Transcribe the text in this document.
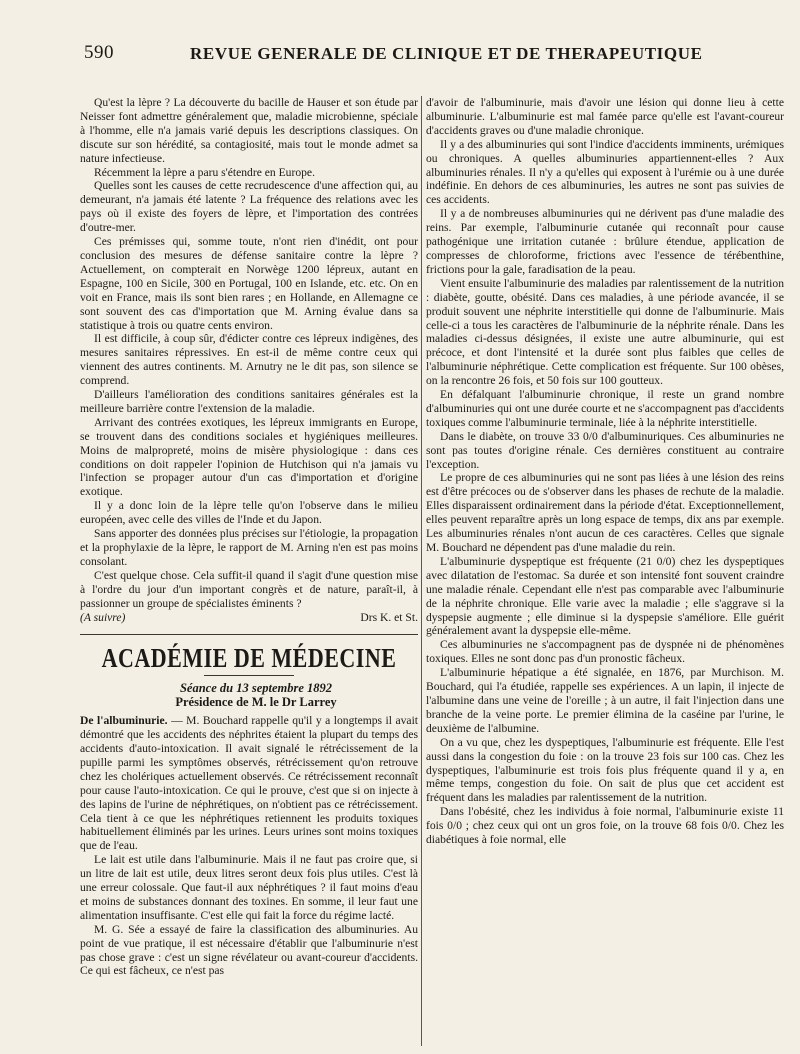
590	REVUE GENERALE DE CLINIQUE ET DE THERAPEUTIQUE

Qu'est la lèpre ? La découverte du bacille de Hauser et son étude par Neisser font admettre généralement que, maladie microbienne, spéciale à l'homme, elle n'a jamais varié depuis les descriptions classiques. On discute sur son hérédité, sa contagiosité, mais tout le monde admet sa nature infectieuse.

Récemment la lèpre a paru s'étendre en Europe.

Quelles sont les causes de cette recrudescence d'une affection qui, au demeurant, n'a jamais été latente ? La fréquence des relations avec les pays où il existe des foyers de lèpre, et l'importation des contrées d'outre-mer.

Ces prémisses qui, somme toute, n'ont rien d'inédit, ont pour conclusion des mesures de défense sanitaire contre la lèpre ? Actuellement, on compterait en Norwège 1200 lépreux, autant en Espagne, 100 en Sicile, 300 en Portugal, 100 en Islande, etc. etc. On en voit en France, mais ils sont bien rares ; en Hollande, en Allemagne ce sont souvent des cas d'importation que M. Arning évalue dans sa statistique à trois ou quatre cents environ.

Il est difficile, à coup sûr, d'édicter contre ces lépreux indigènes, des mesures sanitaires répressives. En est-il de même contre ceux qui viennent des autres continents. M. Arnutry ne le dit pas, son silence se comprend.

D'ailleurs l'amélioration des conditions sanitaires générales est la meilleure barrière contre l'extension de la maladie.

Arrivant des contrées exotiques, les lépreux immigrants en Europe, se trouvent dans des conditions sociales et hygiéniques meilleures. Moins de malpropreté, moins de misère physiologique : dans ces conditions on doit rappeler l'opinion de Hutchison qui n'a jamais vu l'infection se propager autour d'un cas d'importation et d'origine exotique.

Il y a donc loin de la lèpre telle qu'on l'observe dans le milieu européen, avec celle des villes de l'Inde et du Japon.

Sans apporter des données plus précises sur l'étiologie, la propagation et la prophylaxie de la lèpre, le rapport de M. Arning n'en est pas moins consolant.

C'est quelque chose. Cela suffit-il quand il s'agit d'une question mise à l'ordre du jour d'un important congrès et de nature, paraît-il, à passionner un groupe de spécialistes éminents ?

(A suivre)	Drs K. et St.
ACADÉMIE DE MÉDECINE

Séance du 13 septembre 1892

Présidence de M. le Dr Larrey

De l'albuminurie. — M. Bouchard rappelle qu'il y a longtemps il avait démontré que les accidents des néphrites étaient la plupart du temps des accidents d'auto-intoxication. Il avait signalé le rétrécissement de la pupille parmi les symptômes observés, rétrécissement qu'on retrouve chez les cholériques actuellement observés. Ce rétrécissement reconnaît pour cause l'auto-intoxication. Ce qui le prouve, c'est que si on injecte à des lapins de l'urine de néphrétiques, on n'obtient pas ce rétrécissement. Cela tient à ce que les néphrétiques retiennent les produits toxiques habituellement éliminés par les urines. Leurs urines sont moins toxiques que de l'eau.

Le lait est utile dans l'albuminurie. Mais il ne faut pas croire que, si un litre de lait est utile, deux litres seront deux fois plus utiles. C'est là une erreur colossale. Que faut-il aux néphrétiques ? il faut moins d'eau et moins de substances donnant des toxines. En somme, il leur faut une alimentation insuffisante. C'est elle qui fait la force du régime lacté.

M. G. Sée a essayé de faire la classification des albuminuries. Au point de vue pratique, il est nécessaire d'établir que l'albuminurie n'est pas chose grave : c'est un signe révélateur ou avant-coureur d'accidents. Ce qui est fâcheux, ce n'est pas

d'avoir de l'albuminurie, mais d'avoir une lésion qui donne lieu à cette albuminurie. L'albuminurie est mal famée parce qu'elle est l'avant-coureur d'accidents graves ou d'une maladie chronique.

Il y a des albuminuries qui sont l'indice d'accidents imminents, urémiques ou chroniques. A quelles albuminuries appartiennent-elles ? Aux albuminuries rénales. Il n'y a qu'elles qui exposent à l'urémie ou à une durée indéfinie. En dehors de ces albuminuries, les autres ne sont pas suivies de ces accidents.

Il y a de nombreuses albuminuries qui ne dérivent pas d'une maladie des reins. Par exemple, l'albuminurie cutanée qui reconnaît pour cause pathogénique une irritation cutanée : brûlure étendue, application de compresses de chloroforme, frictions avec l'essence de térébenthine, frictions pour la gale, faradisation de la peau.

Vient ensuite l'albuminurie des maladies par ralentissement de la nutrition : diabète, goutte, obésité. Dans ces maladies, à une période avancée, il se produit souvent une néphrite interstitielle qui donne de l'albuminurie. Mais celle-ci a tous les caractères de l'albuminurie de la néphrite rénale. Dans les maladies ci-dessus désignées, il existe une autre albuminurie, qui est précoce, et dont l'intensité et la durée sont plus faibles que celles de l'albuminurie néphrétique. Cette complication est fréquente. Sur 100 obèses, on la rencontre 26 fois, et 50 fois sur 100 goutteux.

En défalquant l'albuminurie chronique, il reste un grand nombre d'albuminuries qui ont une durée courte et ne s'accompagnent pas d'accidents toxiques comme l'albuminurie terminale, liée à la néphrite interstitielle.

Dans le diabète, on trouve 33 0/0 d'albuminuriques. Ces albuminuries ne sont pas toutes d'origine rénale. Ces dernières constituent au contraire l'exception.

Le propre de ces albuminuries qui ne sont pas liées à une lésion des reins est d'être précoces ou de s'observer dans les phases de rechute de la maladie. Elles disparaissent ordinairement dans la période d'état. Exceptionnellement, elles peuvent reparaître après un long espace de temps, dix ans par exemple. Les albuminuries rénales n'ont aucun de ces caractères. Celles que signale M. Bouchard ne dépendent pas d'une maladie du rein.

L'albuminurie dyspeptique est fréquente (21 0/0) chez les dyspeptiques avec dilatation de l'estomac. Sa durée et son intensité font souvent craindre une maladie rénale. Cependant elle n'est pas comparable avec l'albuminurie de la néphrite chronique. Elle varie avec la maladie ; elle s'aggrave si la dyspepsie augmente ; elle diminue si la dyspepsie s'améliore. Elle guérit généralement avant la dyspepsie elle-même.

Ces albuminuries ne s'accompagnent pas de dyspnée ni de phénomènes toxiques. Elles ne sont donc pas d'un pronostic fâcheux.

L'albuminurie hépatique a été signalée, en 1876, par Murchison. M. Bouchard, qui l'a étudiée, rappelle ses expériences. A un lapin, il injecte de l'albumine dans une veine de l'oreille ; à un autre, il fait l'injection dans une branche de la veine porte. Le premier élimina de la caséine par l'urine, le deuxième de l'albumine.

On a vu que, chez les dyspeptiques, l'albuminurie est fréquente. Elle l'est aussi dans la congestion du foie : on la trouve 23 fois sur 100 cas. Chez les dyspeptiques, l'albuminurie est trois fois plus fréquente quand il y a, en même temps, congestion du foie. On sait de plus que cet accident est fréquent dans les maladies par ralentissement de la nutrition.

Dans l'obésité, chez les individus à foie normal, l'albuminurie existe 11 fois 0/0 ; chez ceux qui ont un gros foie, on la trouve 68 fois 0/0. Chez les diabétiques à foie normal, elle
